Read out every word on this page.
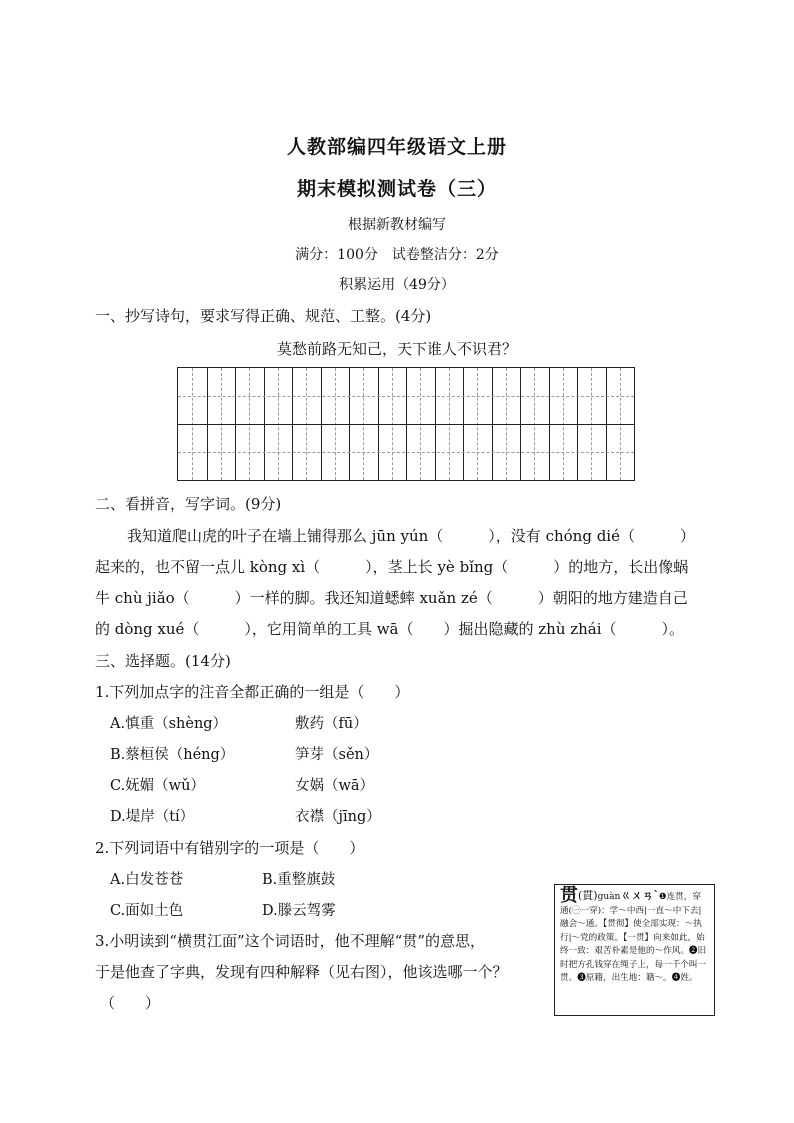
人教部编四年级语文上册
期末模拟测试卷（三）
根据新教材编写
满分：100分　试卷整洁分：2分
积累运用（49分）
一、抄写诗句，要求写得正确、规范、工整。(4分)
莫愁前路无知己，天下谁人不识君？
二、看拼音，写字词。(9分)
我知道爬山虎的叶子在墙上铺得那么 jūn yún（　　　），没有 chóng dié（　　　）
起来的，也不留一点儿 kòng xì（　　　），茎上长 yè bǐng（　　　）的地方，长出像蜗
牛 chù jiǎo（　　　）一样的脚。我还知道蟋蟀 xuǎn zé（　　　）朝阳的地方建造自己
的 dòng xué（　　　），它用简单的工具 wā（　　）掘出隐藏的 zhù zhái（　　　）。
三、选择题。(14分)
1.下列加点字的注音全都正确的一组是（　　）
A.慎重（shèng）	敷药（fū）
B.蔡桓侯（héng）	笋芽（sěn）
C.妩媚（wǔ）	女娲（wā）
D.堤岸（tí）	衣襟（jīng）
2.下列词语中有错别字的一项是（　　）
A.白发苍苍	B.重整旗鼓
C.面如土色	D.滕云驾雾
3.小明读到“横贯江面”这个词语时，他不理解“贯”的意思，
于是他查了字典，发现有四种解释（见右图），他该选哪一个？
（　　）
贯(貫)guànㄍㄨㄢˋ❶连贯，穿通(㊀一穿)：学～中西|一直～中下去|融会～通。【贯彻】使全部实现：～执行|～党的政策。【一贯】向来如此，始终一致：艰苦朴素是他的～作风。❷旧时把方孔钱穿在绳子上，每一千个叫一贯。❸原籍，出生地：籍～。❹姓。
